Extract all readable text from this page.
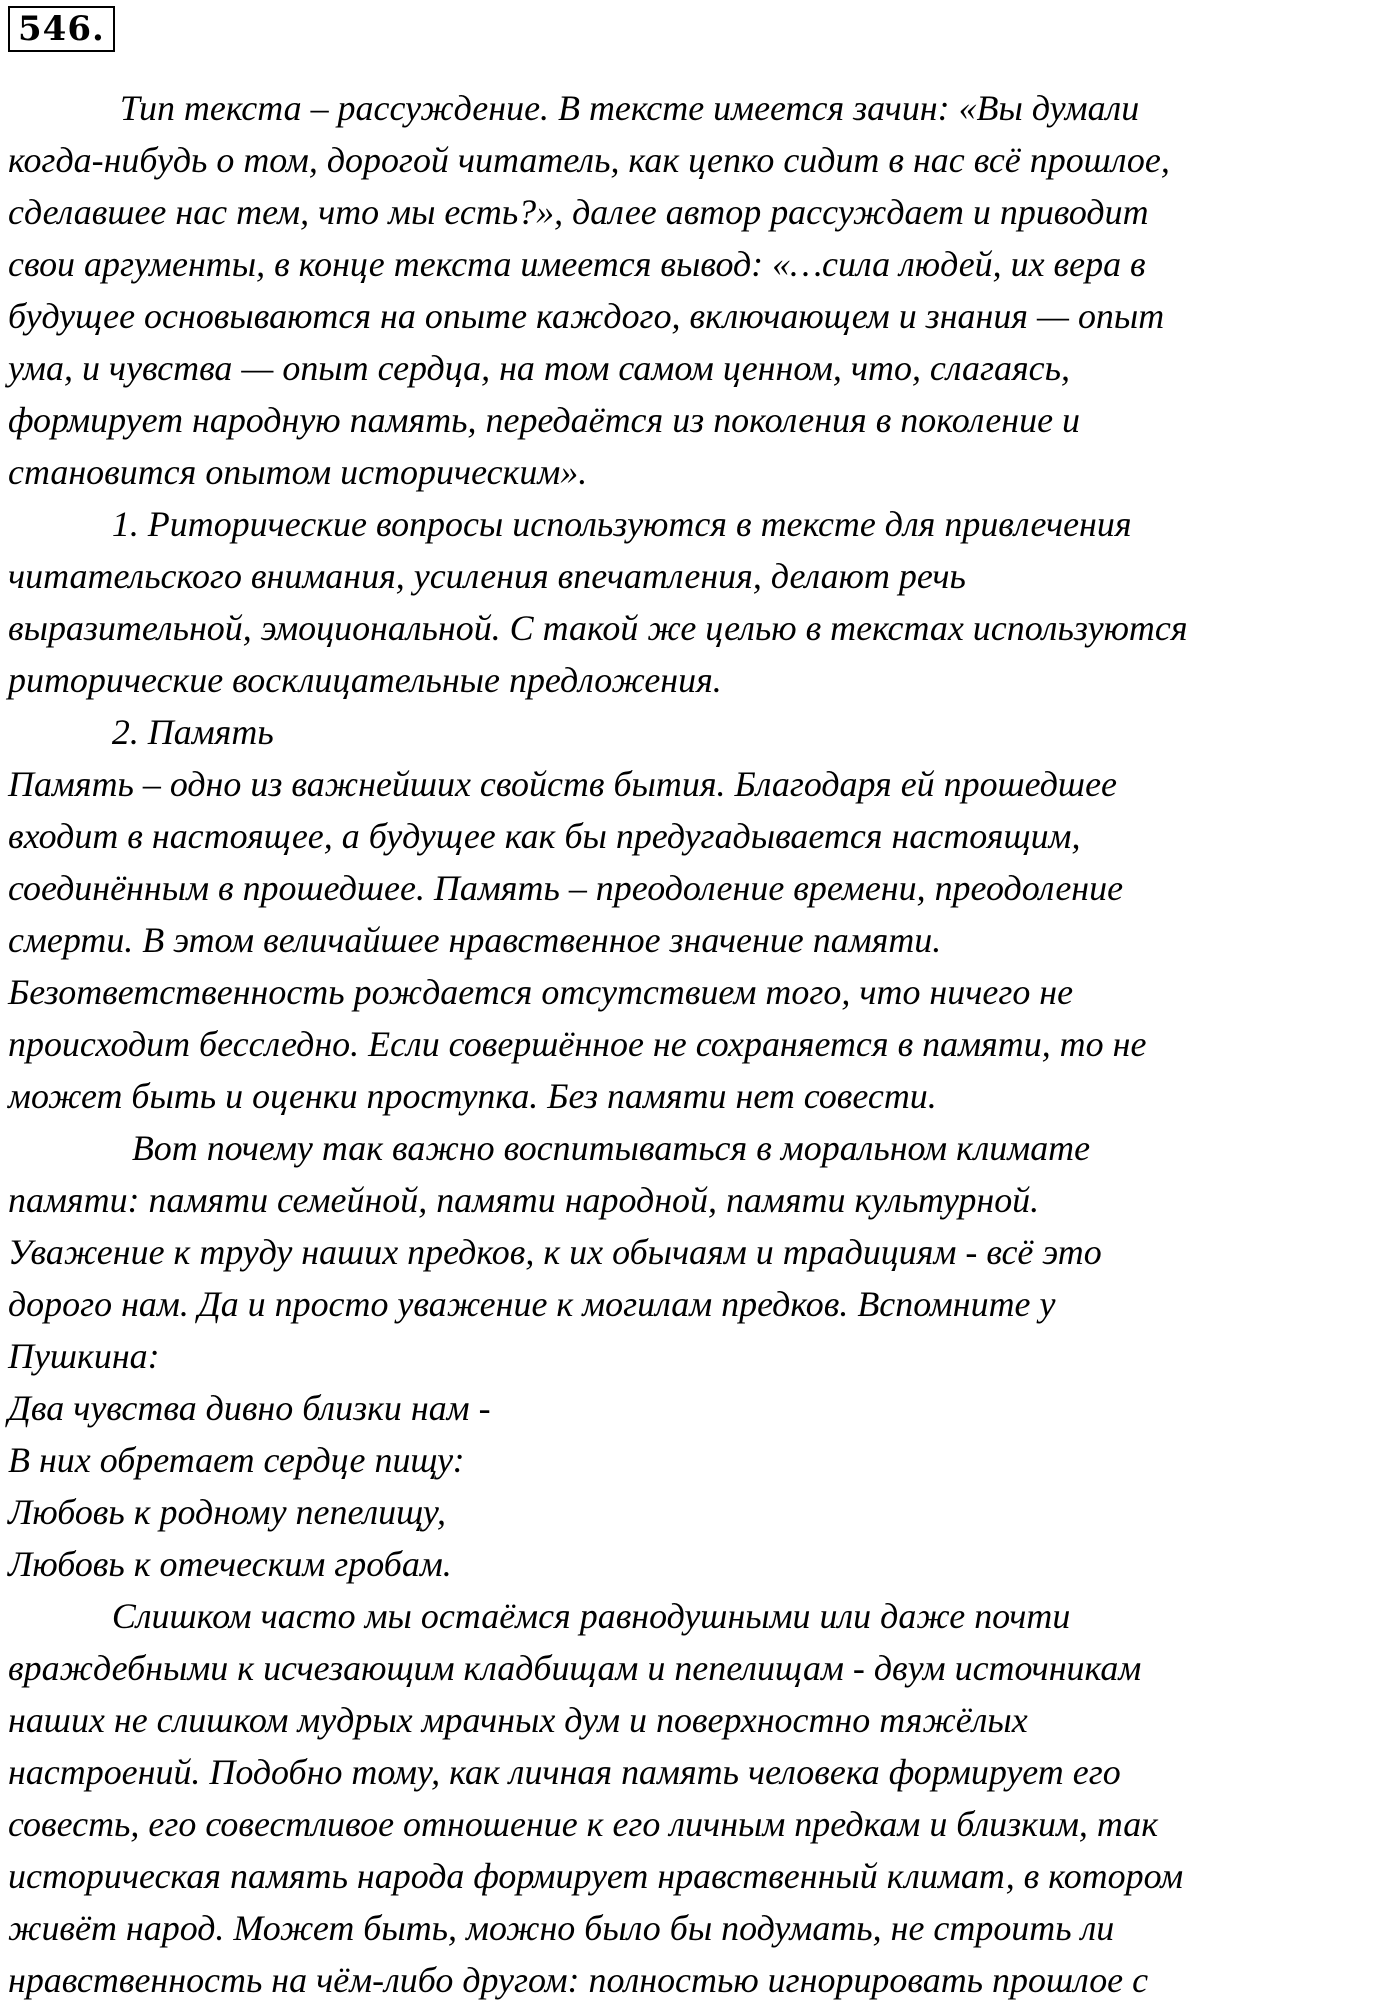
546.
Тип текста – рассуждение. В тексте имеется зачин: «Вы думали
когда-нибудь о том, дорогой читатель, как цепко сидит в нас всё прошлое,
сделавшее нас тем, что мы есть?», далее автор рассуждает и приводит
свои аргументы, в конце текста имеется вывод: «…сила людей, их вера в
будущее основываются на опыте каждого, включающем и знания — опыт
ума, и чувства — опыт сердца, на том самом ценном, что, слагаясь,
формирует народную память, передаётся из поколения в поколение и
становится опытом историческим».
1. Риторические вопросы используются в тексте для привлечения
читательского внимания, усиления впечатления, делают речь
выразительной, эмоциональной. С такой же целью в текстах используются
риторические восклицательные предложения.
2. Память
Память – одно из важнейших свойств бытия. Благодаря ей прошедшее
входит в настоящее, а будущее как бы предугадывается настоящим,
соединённым в прошедшее. Память – преодоление времени, преодоление
смерти. В этом величайшее нравственное значение памяти.
Безответственность рождается отсутствием того, что ничего не
происходит бесследно. Если совершённое не сохраняется в памяти, то не
может быть и оценки проступка. Без памяти нет совести.
Вот почему так важно воспитываться в моральном климате
памяти: памяти семейной, памяти народной, памяти культурной.
Уважение к труду наших предков, к их обычаям и традициям - всё это
дорого нам. Да и просто уважение к могилам предков. Вспомните у
Пушкина:
Два чувства дивно близки нам -
В них обретает сердце пищу:
Любовь к родному пепелищу,
Любовь к отеческим гробам.
Слишком часто мы остаёмся равнодушными или даже почти
враждебными к исчезающим кладбищам и пепелищам - двум источникам
наших не слишком мудрых мрачных дум и поверхностно тяжёлых
настроений. Подобно тому, как личная память человека формирует его
совесть, его совестливое отношение к его личным предкам и близким, так
историческая память народа формирует нравственный климат, в котором
живёт народ. Может быть, можно было бы подумать, не строить ли
нравственность на чём-либо другом: полностью игнорировать прошлое с
